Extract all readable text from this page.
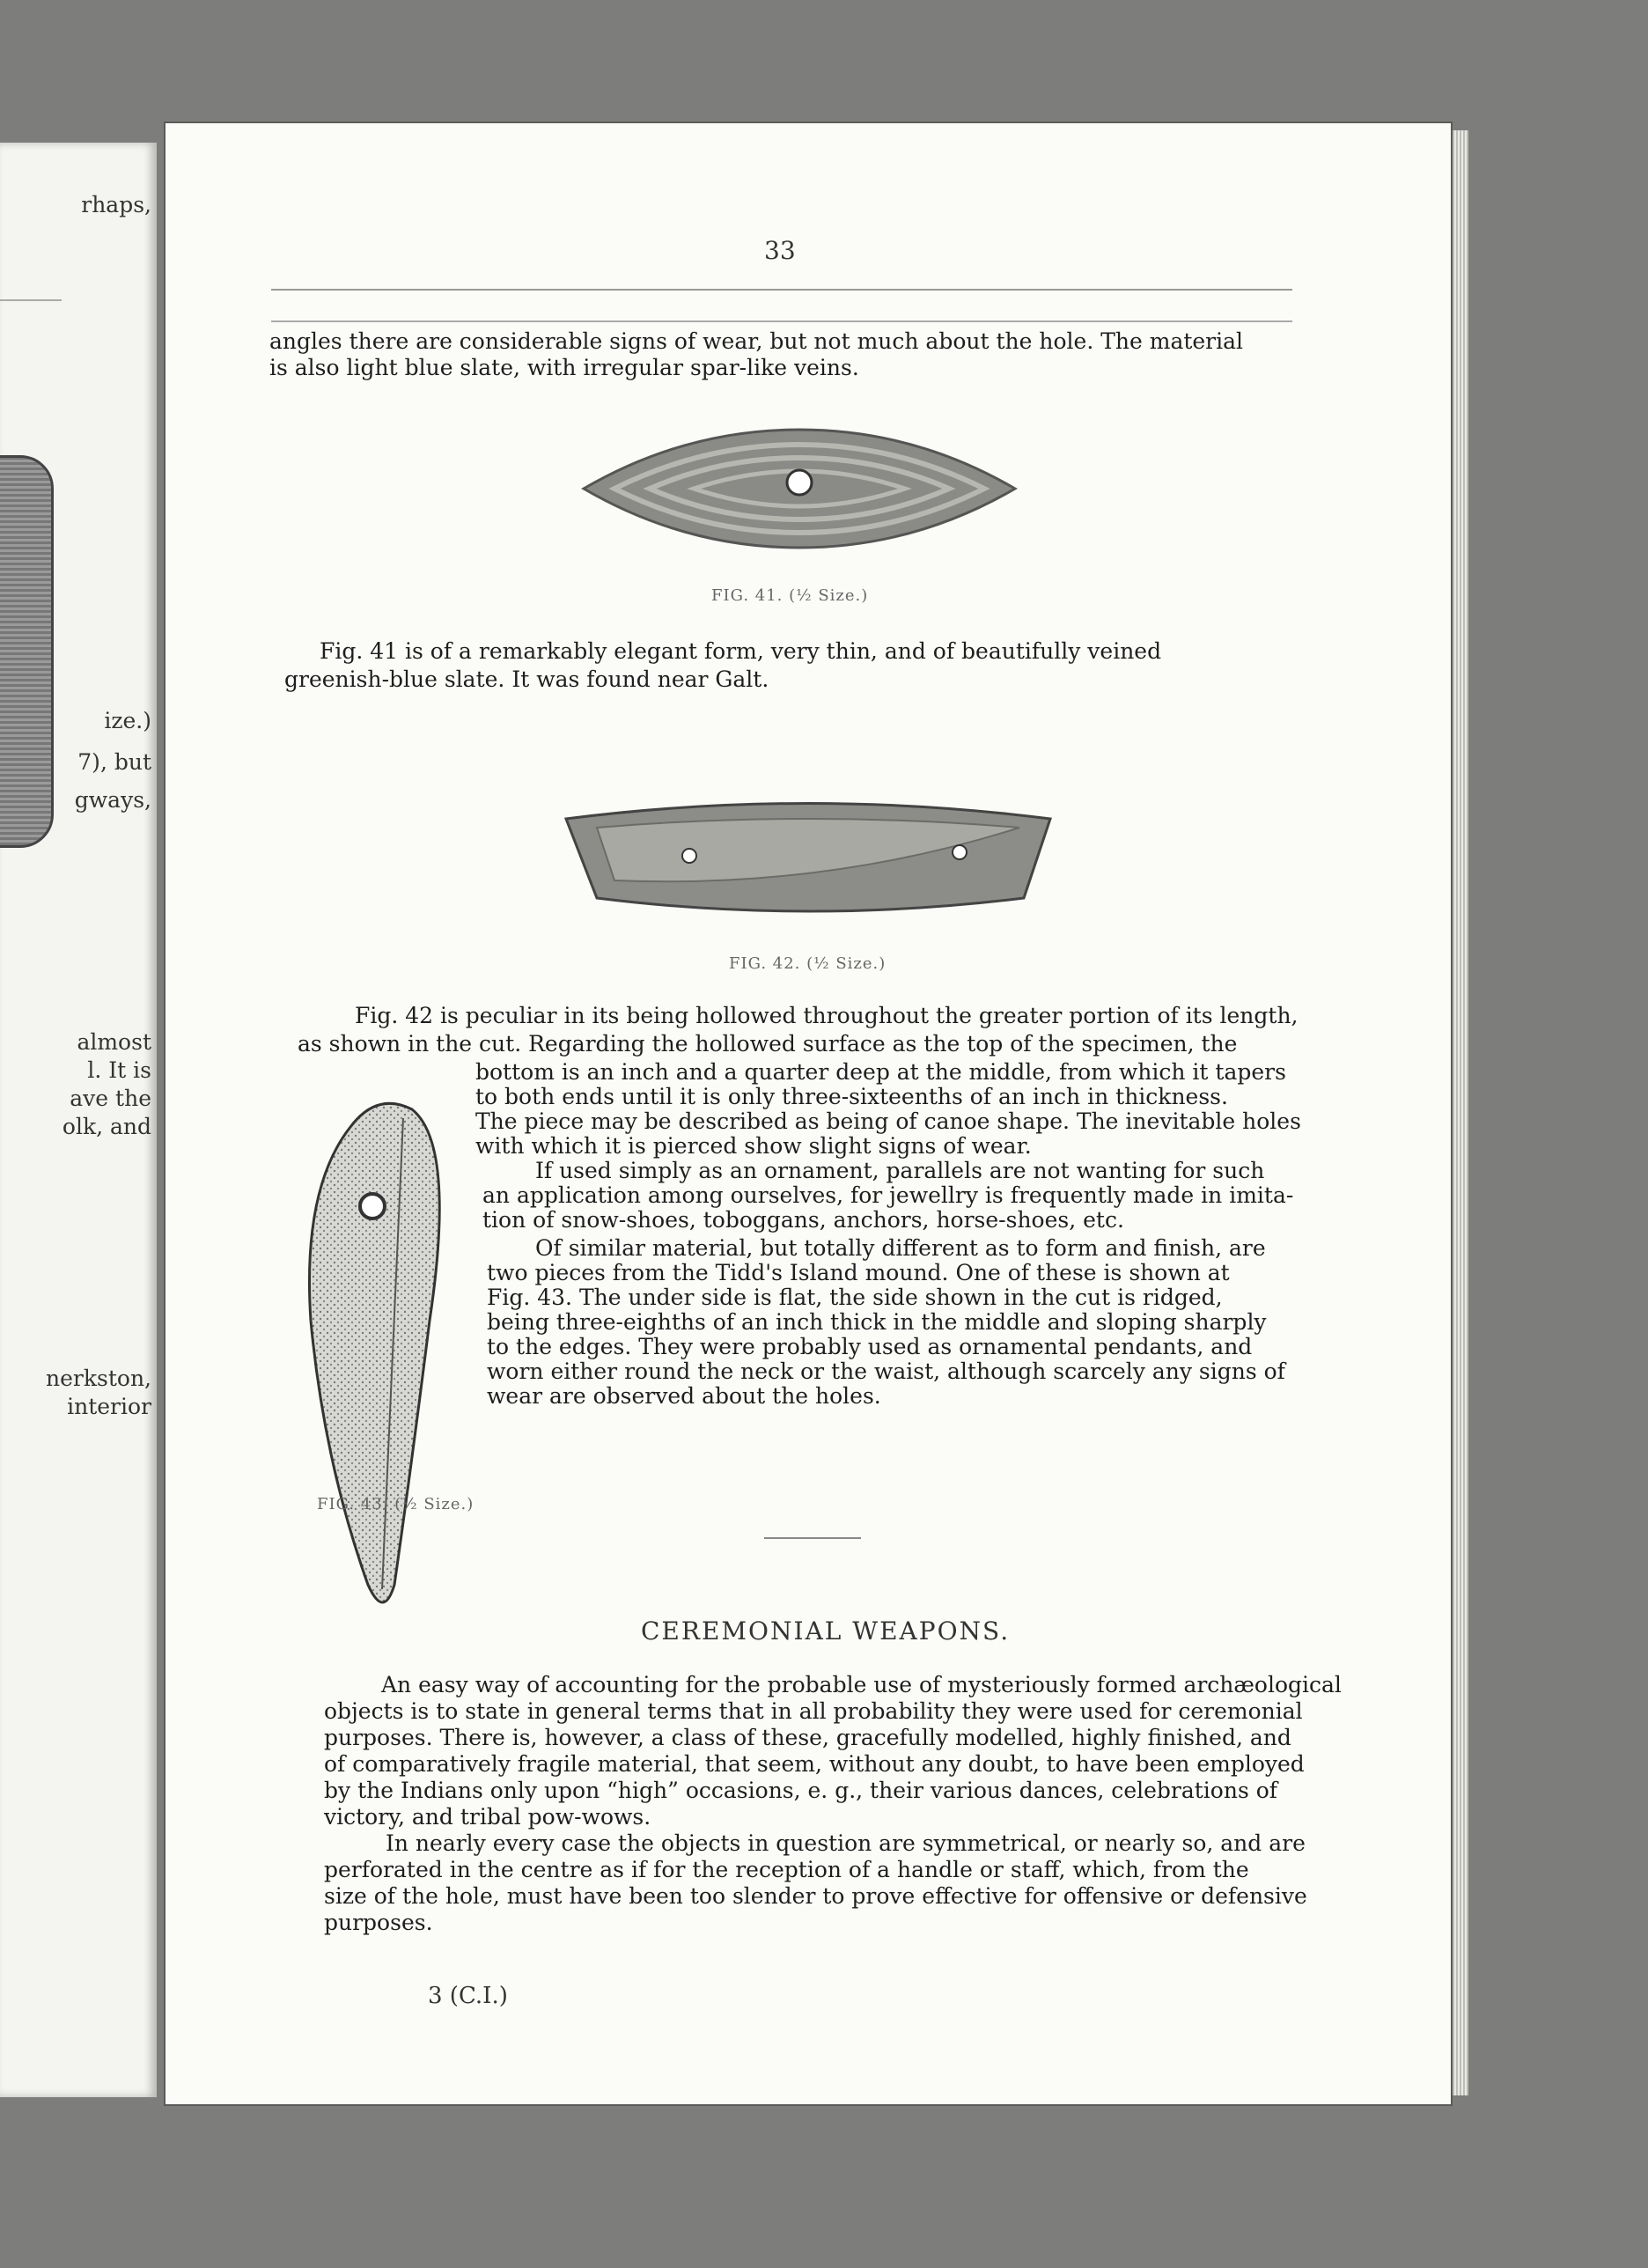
rhaps,
ize.)
7), but
gways,
almost
l. It is
ave the
olk, and
nerkston,
interior
33

angles there are considerable signs of wear, but not much about the hole. The material

is also light blue slate, with irregular spar-like veins.

FIG. 41. (½ Size.)

Fig. 41 is of a remarkably elegant form, very thin, and of beautifully veined

greenish-blue slate. It was found near Galt.

FIG. 42. (½ Size.)

Fig. 42 is peculiar in its being hollowed throughout the greater portion of its length,

as shown in the cut. Regarding the hollowed surface as the top of the specimen, the

FIG. 43. (½ Size.)

bottom is an inch and a quarter deep at the middle, from which it tapers

to both ends until it is only three-sixteenths of an inch in thickness.

The piece may be described as being of canoe shape. The inevitable holes

with which it is pierced show slight signs of wear.

If used simply as an ornament, parallels are not wanting for such

an application among ourselves, for jewellry is frequently made in imita-

tion of snow-shoes, toboggans, anchors, horse-shoes, etc.

Of similar material, but totally different as to form and finish, are

two pieces from the Tidd's Island mound. One of these is shown at

Fig. 43. The under side is flat, the side shown in the cut is ridged,

being three-eighths of an inch thick in the middle and sloping sharply

to the edges. They were probably used as ornamental pendants, and

worn either round the neck or the waist, although scarcely any signs of

wear are observed about the holes.

CEREMONIAL WEAPONS.

An easy way of accounting for the probable use of mysteriously formed archæological

objects is to state in general terms that in all probability they were used for ceremonial

purposes. There is, however, a class of these, gracefully modelled, highly finished, and

of comparatively fragile material, that seem, without any doubt, to have been employed

by the Indians only upon “high” occasions, e. g., their various dances, celebrations of

victory, and tribal pow-wows.

In nearly every case the objects in question are symmetrical, or nearly so, and are

perforated in the centre as if for the reception of a handle or staff, which, from the

size of the hole, must have been too slender to prove effective for offensive or defensive

purposes.

3 (C.I.)
